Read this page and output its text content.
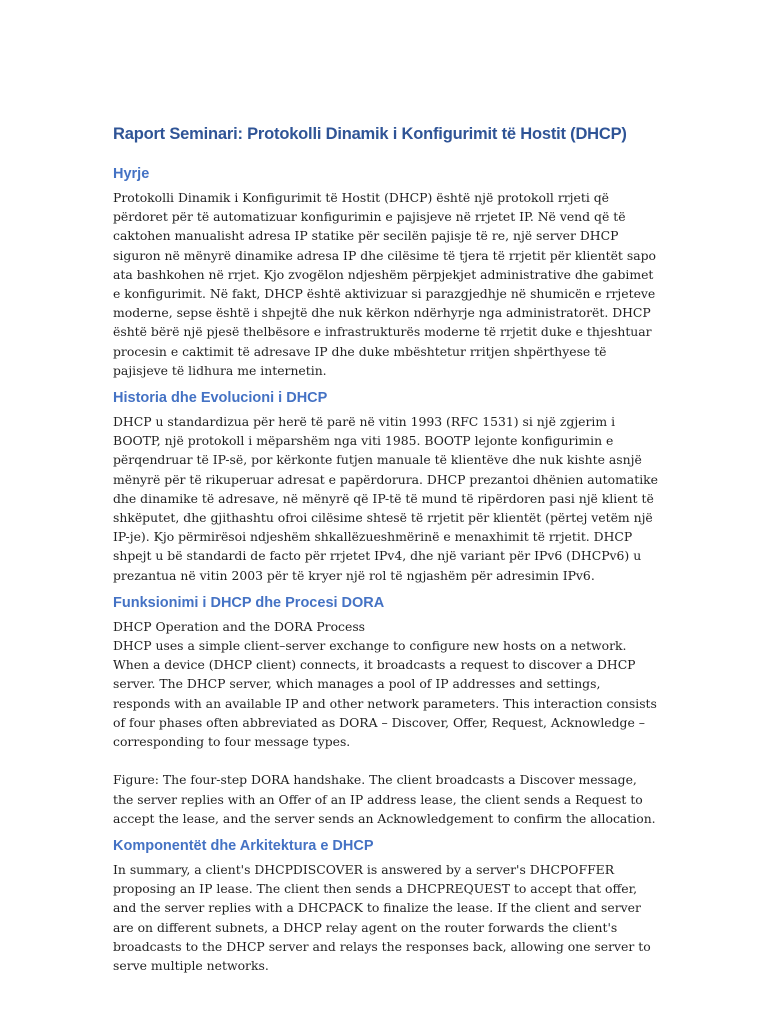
Raport Seminari: Protokolli Dinamik i Konfigurimit të Hostit (DHCP)
Hyrje

Protokolli Dinamik i Konfigurimit të Hostit (DHCP) është një protokoll rrjeti që përdoret për të automatizuar konfigurimin e pajisjeve në rrjetet IP. Në vend që të caktohen manualisht adresa IP statike për secilën pajisje të re, një server DHCP siguron në mënyrë dinamike adresa IP dhe cilësime të tjera të rrjetit për klientët sapo ata bashkohen në rrjet. Kjo zvogëlon ndjeshëm përpjekjet administrative dhe gabimet e konfigurimit. Në fakt, DHCP është aktivizuar si parazgjedhje në shumicën e rrjeteve moderne, sepse është i shpejtë dhe nuk kërkon ndërhyrje nga administratorët. DHCP është bërë një pjesë thelbësore e infrastrukturës moderne të rrjetit duke e thjeshtuar procesin e caktimit të adresave IP dhe duke mbështetur rritjen shpërthyese të pajisjeve të lidhura me internetin.

Historia dhe Evolucioni i DHCP

DHCP u standardizua për herë të parë në vitin 1993 (RFC 1531) si një zgjerim i BOOTP, një protokoll i mëparshëm nga viti 1985. BOOTP lejonte konfigurimin e përqendruar të IP-së, por kërkonte futjen manuale të klientëve dhe nuk kishte asnjë mënyrë për të rikuperuar adresat e papërdorura. DHCP prezantoi dhënien automatike dhe dinamike të adresave, në mënyrë që IP-të të mund të ripërdoren pasi një klient të shkëputet, dhe gjithashtu ofroi cilësime shtesë të rrjetit për klientët (përtej vetëm një IP-je). Kjo përmirësoi ndjeshëm shkallëzueshmërinë e menaxhimit të rrjetit. DHCP shpejt u bë standardi de facto për rrjetet IPv4, dhe një variant për IPv6 (DHCPv6) u prezantua në vitin 2003 për të kryer një rol të ngjashëm për adresimin IPv6.

Funksionimi i DHCP dhe Procesi DORA

DHCP Operation and the DORA Process

DHCP uses a simple client–server exchange to configure new hosts on a network. When a device (DHCP client) connects, it broadcasts a request to discover a DHCP server. The DHCP server, which manages a pool of IP addresses and settings, responds with an available IP and other network parameters. This interaction consists of four phases often abbreviated as DORA – Discover, Offer, Request, Acknowledge – corresponding to four message types.

Figure: The four-step DORA handshake. The client broadcasts a Discover message, the server replies with an Offer of an IP address lease, the client sends a Request to accept the lease, and the server sends an Acknowledgement to confirm the allocation.

Komponentët dhe Arkitektura e DHCP

In summary, a client's DHCPDISCOVER is answered by a server's DHCPOFFER proposing an IP lease. The client then sends a DHCPREQUEST to accept that offer, and the server replies with a DHCPACK to finalize the lease. If the client and server are on different subnets, a DHCP relay agent on the router forwards the client's broadcasts to the DHCP server and relays the responses back, allowing one server to serve multiple networks.
